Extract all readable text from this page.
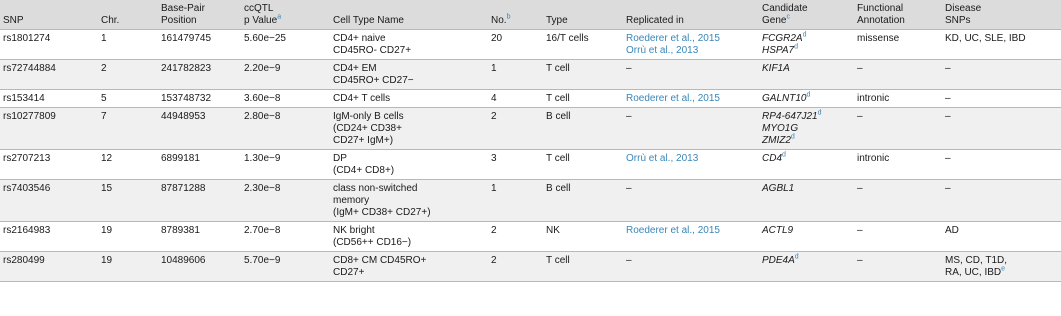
SNP	Chr.	Base-Pair
Position	ccQTL
p Value$^a$	Cell Type Name	No.$^b$	Type	Replicated in	Candidate
Gene$^c$	Functional
Annotation	Disease
SNPs

rs1801274	1	161479745	5.60e−25	CD4+ naive
CD45RO- CD27+	20	16/T cells	Roederer et al., 2015
Orrù et al., 2013	FCGR2A$^d$
HSPA7$^d$	missense	KD, UC, SLE, IBD

rs72744884	2	241782823	2.20e−9	CD4+ EM
CD45RO+ CD27−	1	T cell	–	KIF1A	–	–

rs153414	5	153748732	3.60e−8	CD4+ T cells	4	T cell	Roederer et al., 2015	GALNT10$^d$	intronic	–

rs10277809	7	44948953	2.80e−8	IgM-only B cells
(CD24+ CD38+
CD27+ IgM+)	2	B cell	–	RP4-647J21$^d$
MYO1G
ZMIZ2$^d$	–	–

rs2707213	12	6899181	1.30e−9	DP
(CD4+ CD8+)	3	T cell	Orrù et al., 2013	CD4$^d$	intronic	–

rs7403546	15	87871288	2.30e−8	class non-switched
memory
(IgM+ CD38+ CD27+)	1	B cell	–	AGBL1	–	–

rs2164983	19	8789381	2.70e−8	NK bright
(CD56++ CD16−)	2	NK	Roederer et al., 2015	ACTL9	–	AD

rs280499	19	10489606	5.70e−9	CD8+ CM CD45RO+
CD27+	2	T cell	–	PDE4A$^d$	–	MS, CD, T1D,
RA, UC, IBD$^e$
